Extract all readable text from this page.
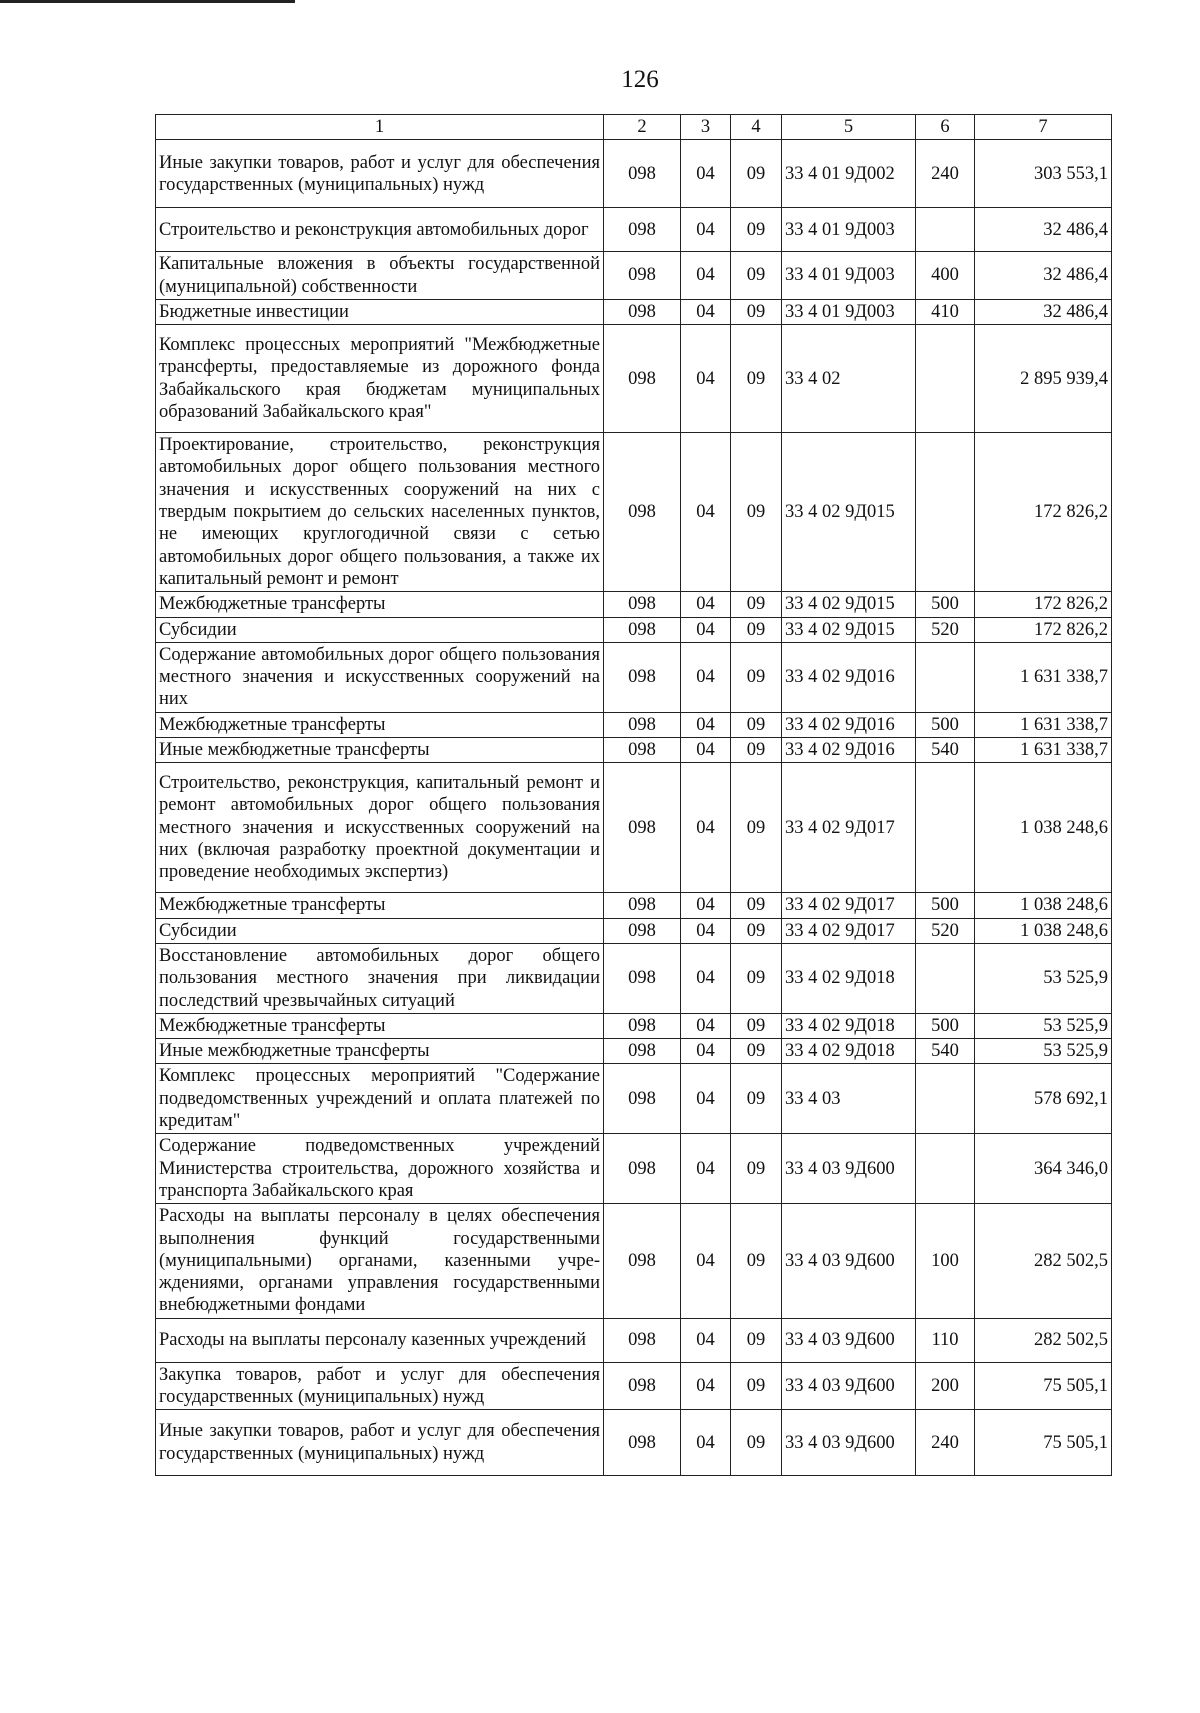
126
1	2	3	4	5	6	7
Иные закупки товаров, работ и услуг для обеспечения государственных (муниципальных) нужд	098	04	09	33 4 01 9Д002	240	303 553,1
Строительство и реконструкция автомобильных дорог	098	04	09	33 4 01 9Д003		32 486,4
Капитальные вложения в объекты государственной (муниципальной) собственности	098	04	09	33 4 01 9Д003	400	32 486,4
Бюджетные инвестиции	098	04	09	33 4 01 9Д003	410	32 486,4
Комплекс процессных мероприятий "Межбюджетные трансферты, предоставляемые из дорожного фонда Забайкальского края бюджетам муниципальных образований Забайкальского края"	098	04	09	33 4 02		2 895 939,4
Проектирование, строительство, реконструкция автомобильных дорог общего пользования местного значения и искусственных сооружений на них с твердым покрытием до сельских населенных пунктов, не имеющих круглогодичной связи с сетью автомобильных дорог общего пользования, а также их капитальный ремонт и ремонт	098	04	09	33 4 02 9Д015		172 826,2
Межбюджетные трансферты	098	04	09	33 4 02 9Д015	500	172 826,2
Субсидии	098	04	09	33 4 02 9Д015	520	172 826,2
Содержание автомобильных дорог общего пользования местного значения и искусственных сооружений на них	098	04	09	33 4 02 9Д016		1 631 338,7
Межбюджетные трансферты	098	04	09	33 4 02 9Д016	500	1 631 338,7
Иные межбюджетные трансферты	098	04	09	33 4 02 9Д016	540	1 631 338,7
Строительство, реконструкция, капитальный ремонт и ремонт автомобильных дорог общего пользования местного значения и искусственных сооружений на них (включая разработку проектной документации и проведение необходимых экспертиз)	098	04	09	33 4 02 9Д017		1 038 248,6
Межбюджетные трансферты	098	04	09	33 4 02 9Д017	500	1 038 248,6
Субсидии	098	04	09	33 4 02 9Д017	520	1 038 248,6
Восстановление автомобильных дорог общего пользования местного значения при ликвидации последствий чрезвычайных ситуаций	098	04	09	33 4 02 9Д018		53 525,9
Межбюджетные трансферты	098	04	09	33 4 02 9Д018	500	53 525,9
Иные межбюджетные трансферты	098	04	09	33 4 02 9Д018	540	53 525,9
Комплекс процессных мероприятий "Содержание подведомственных учреждений и оплата платежей по кредитам"	098	04	09	33 4 03		578 692,1
Содержание подведомственных учреждений Министерства строительства, дорожного хозяйства и транспорта Забайкальского края	098	04	09	33 4 03 9Д600		364 346,0
Расходы на выплаты персоналу в целях обеспечения выполнения функций государственными (муниципальными) органами, казенными учреждениями, органами управления государственными внебюджетными фондами	098	04	09	33 4 03 9Д600	100	282 502,5
Расходы на выплаты персоналу казенных учреждений	098	04	09	33 4 03 9Д600	110	282 502,5
Закупка товаров, работ и услуг для обеспечения государственных (муниципальных) нужд	098	04	09	33 4 03 9Д600	200	75 505,1
Иные закупки товаров, работ и услуг для обеспечения государственных (муниципальных) нужд	098	04	09	33 4 03 9Д600	240	75 505,1
